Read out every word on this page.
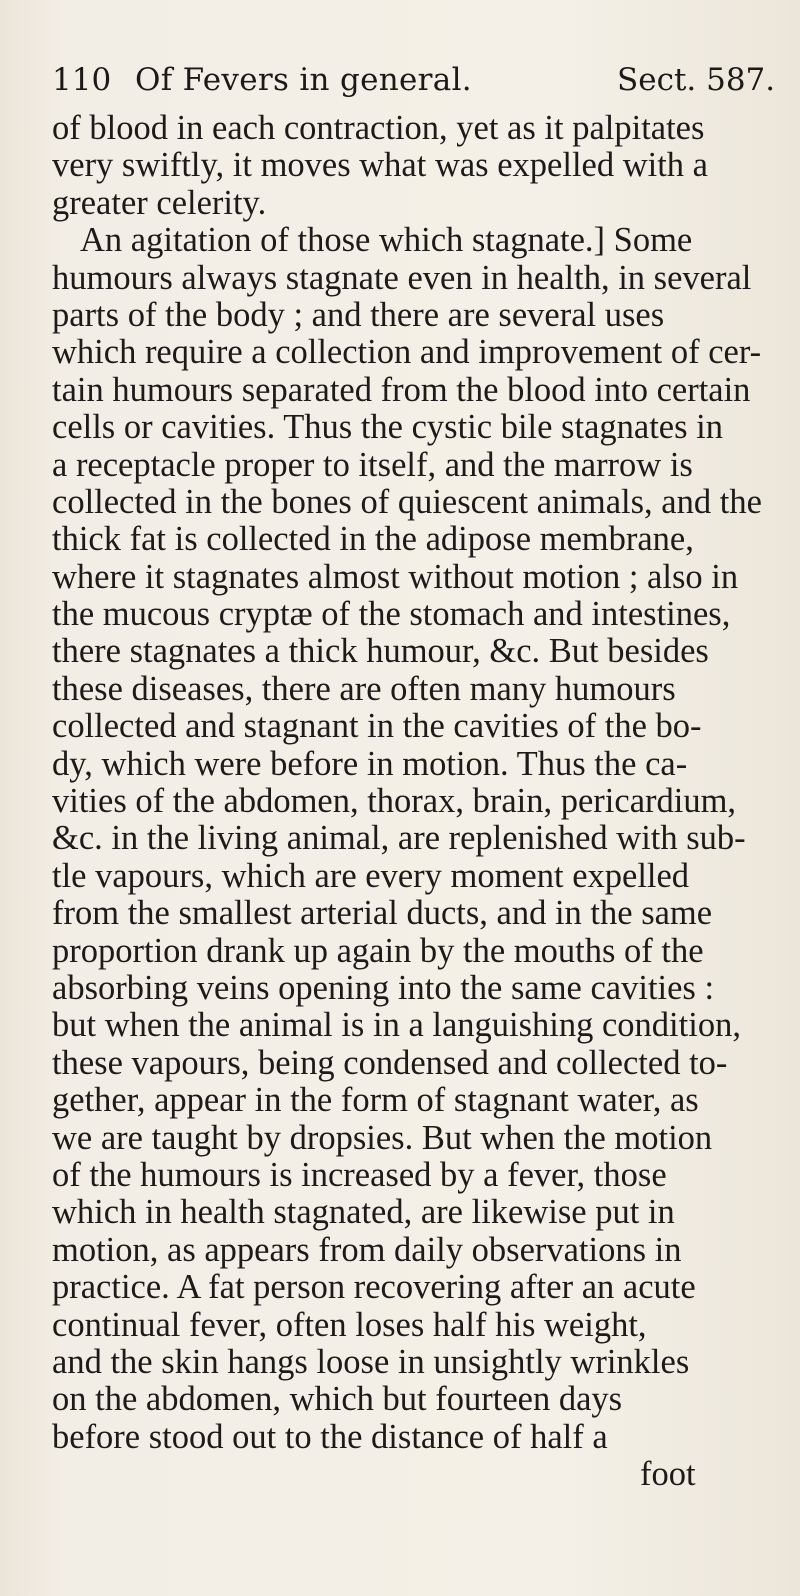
110 Of Fevers in general.	Sect. 587.
of blood in each contraction, yet as it palpitates
very swiftly, it moves what was expelled with a
greater celerity.
An agitation of those which stagnate.] Some
humours always stagnate even in health, in several
parts of the body ; and there are several uses
which require a collection and improvement of cer-
tain humours separated from the blood into certain
cells or cavities. Thus the cystic bile stagnates in
a receptacle proper to itself, and the marrow is
collected in the bones of quiescent animals, and the
thick fat is collected in the adipose membrane,
where it stagnates almost without motion ; also in
the mucous cryptæ of the stomach and intestines,
there stagnates a thick humour, &c. But besides
these diseases, there are often many humours
collected and stagnant in the cavities of the bo-
dy, which were before in motion. Thus the ca-
vities of the abdomen, thorax, brain, pericardium,
&c. in the living animal, are replenished with sub-
tle vapours, which are every moment expelled
from the smallest arterial ducts, and in the same
proportion drank up again by the mouths of the
absorbing veins opening into the same cavities :
but when the animal is in a languishing condition,
these vapours, being condensed and collected to-
gether, appear in the form of stagnant water, as
we are taught by dropsies. But when the motion
of the humours is increased by a fever, those
which in health stagnated, are likewise put in
motion, as appears from daily observations in
practice. A fat person recovering after an acute
continual fever, often loses half his weight,
and the skin hangs loose in unsightly wrinkles
on the abdomen, which but fourteen days
before stood out to the distance of half a
foot
